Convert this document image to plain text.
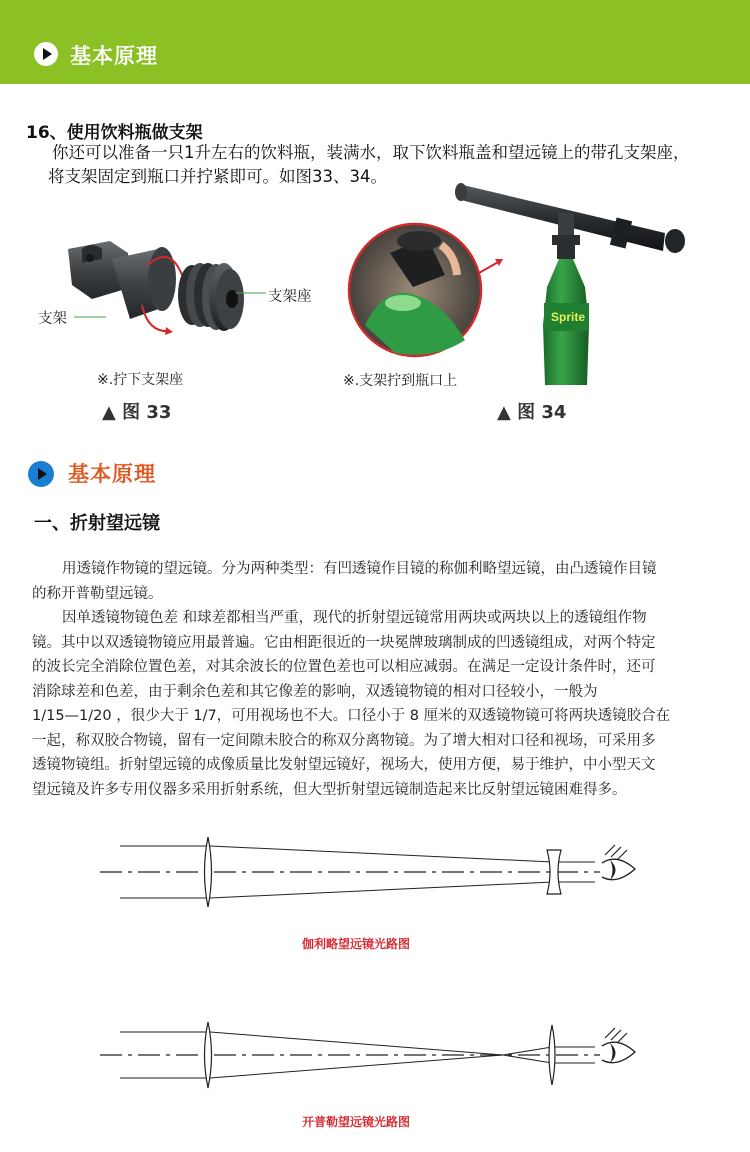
基本原理
16、使用饮料瓶做支架

你还可以准备一只1升左右的饮料瓶，装满水，取下饮料瓶盖和望远镜上的带孔支架座，

将支架固定到瓶口并拧紧即可。如图33、34。

支架
支架座
※.拧下支架座
▲ 图 33
Sprite
※.支架拧到瓶口上
▲ 图 34
基本原理
一、折射望远镜

用透镜作物镜的望远镜。分为两种类型：有凹透镜作目镜的称伽利略望远镜，由凸透镜作目镜

的称开普勒望远镜。

因单透镜物镜色差 和球差都相当严重，现代的折射望远镜常用两块或两块以上的透镜组作物

镜。其中以双透镜物镜应用最普遍。它由相距很近的一块冕牌玻璃制成的凹透镜组成，对两个特定

的波长完全消除位置色差，对其余波长的位置色差也可以相应减弱。在满足一定设计条件时，还可

消除球差和色差，由于剩余色差和其它像差的影响，双透镜物镜的相对口径较小，一般为

1/15—1/20 ，很少大于 1/7，可用视场也不大。口径小于 8 厘米的双透镜物镜可将两块透镜胶合在

一起，称双胶合物镜，留有一定间隙未胶合的称双分离物镜。为了增大相对口径和视场，可采用多

透镜物镜组。折射望远镜的成像质量比发射望远镜好，视场大，使用方便，易于维护，中小型天文

望远镜及许多专用仪器多采用折射系统，但大型折射望远镜制造起来比反射望远镜困难得多。

伽利略望远镜光路图
开普勒望远镜光路图
